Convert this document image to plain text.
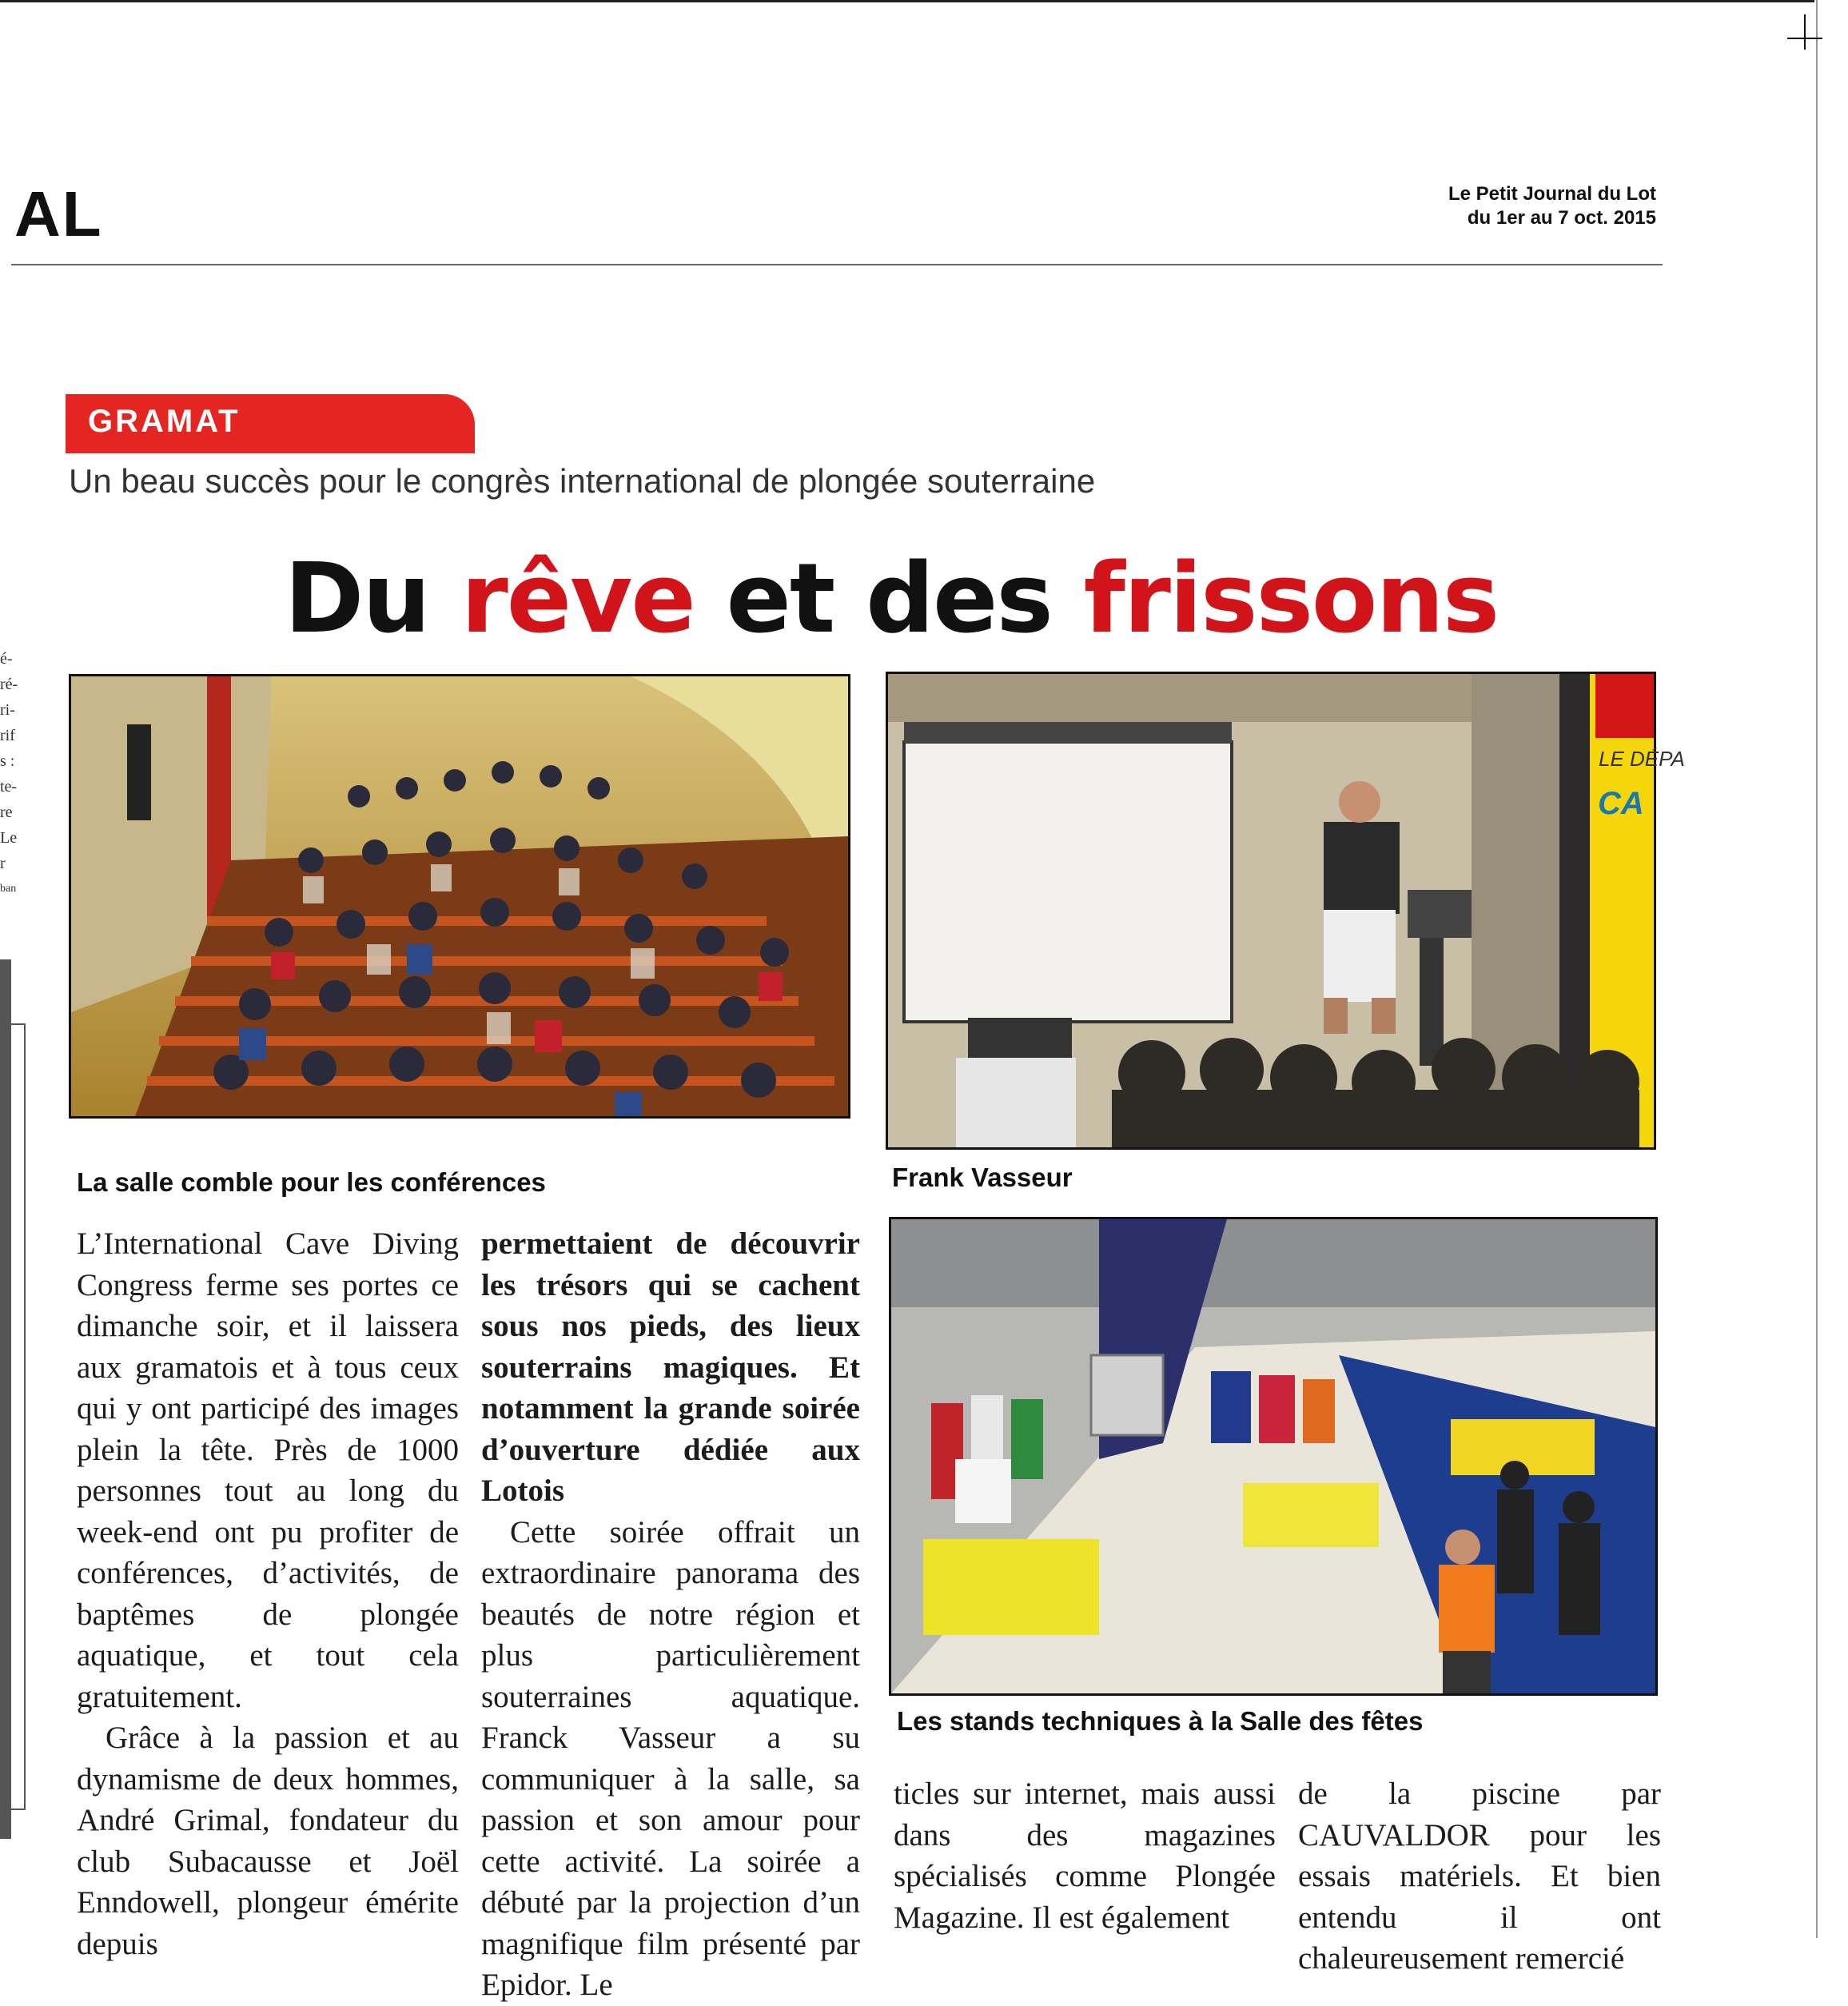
AL	Le Petit Journal du Lot
du 1er au 7 oct. 2015
é-
ré-
ri-
rif
s :
te-
re
Le
r
ban
GRAMAT
Un beau succès pour le congrès international de plongée souterraine
Du rêve et des frissons
La salle comble pour les conférences
LE DÉPA
CA
Frank Vasseur
Les stands techniques à la Salle des fêtes

L’International Cave Diving Congress ferme ses portes ce dimanche soir, et il laissera aux gramatois et à tous ceux qui y ont participé des images plein la tête. Près de 1000 personnes tout au long du week-end ont pu profiter de conférences, d’activités, de baptêmes de plongée aquatique, et tout cela gratuitement.

Grâce à la passion et au dynamisme de deux hommes, André Grimal, fondateur du club Subacausse et Joël Enndowell, plongeur émérite depuis

permettaient de découvrir les trésors qui se cachent sous nos pieds, des lieux souterrains magiques. Et notamment la grande soirée d’ouverture dédiée aux Lotois

Cette soirée offrait un extraordinaire panorama des beautés de notre région et plus particulièrement souterraines aquatique. Franck Vasseur a su communiquer à la salle, sa passion et son amour pour cette activité. La soirée a débuté par la projection d’un magnifique film présenté par Epidor. Le

ticles sur internet, mais aussi dans des magazines spécialisés comme Plongée Magazine. Il est également

de la piscine par CAUVALDOR pour les essais matériels. Et bien entendu il ont chaleureusement remercié
